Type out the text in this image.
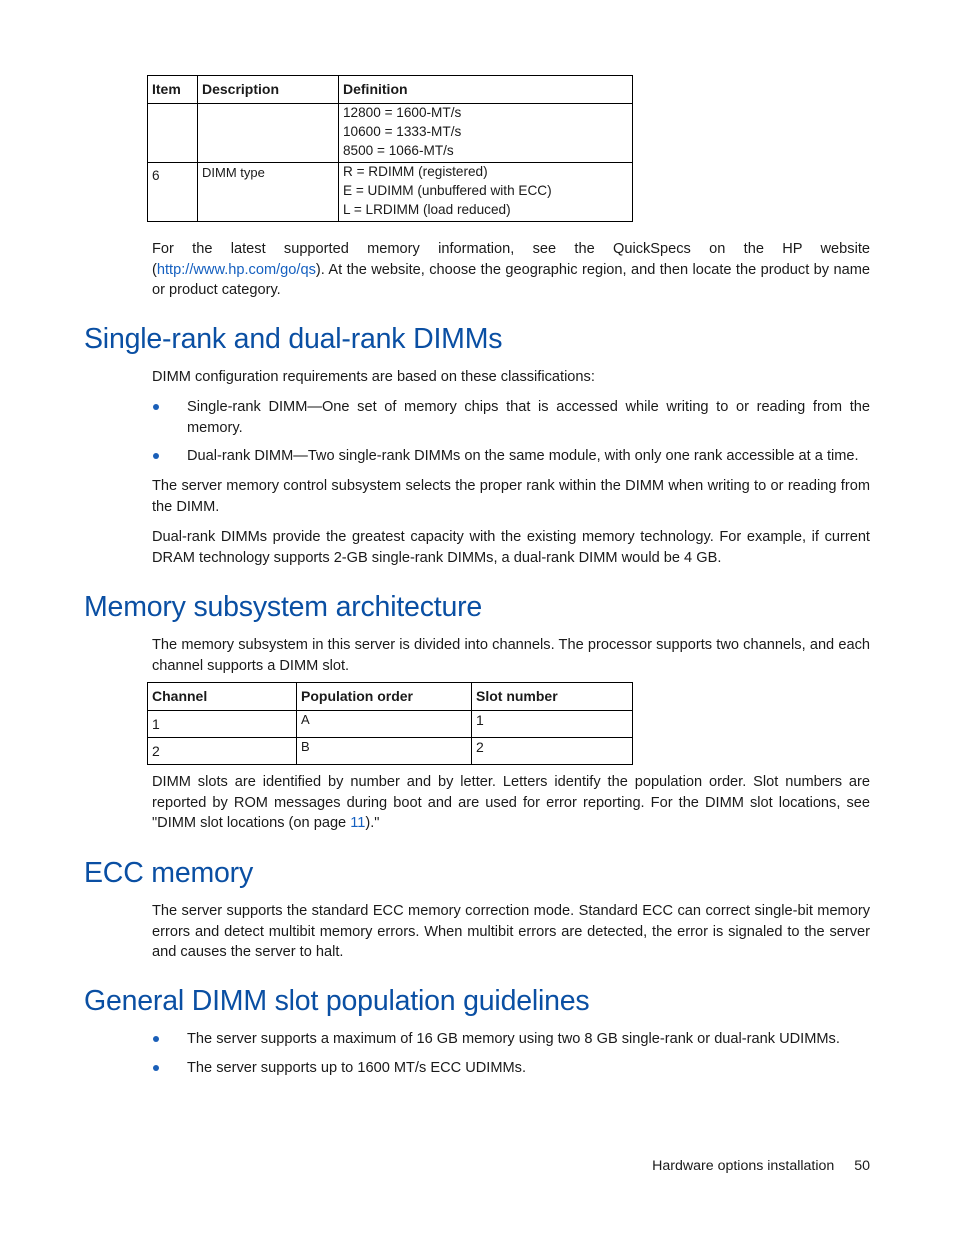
Item	Description	Definition

		12800 = 1600-MT/s
10600 = 1333-MT/s
8500 = 1066-MT/s

6	DIMM type	R = RDIMM (registered)
E = UDIMM (unbuffered with ECC)
L = LRDIMM (load reduced)

For the latest supported memory information, see the QuickSpecs on the HP website (http://www.hp.com/go/qs). At the website, choose the geographic region, and then locate the product by name or product category.

Single-rank and dual-rank DIMMs

DIMM configuration requirements are based on these classifications:

Single-rank DIMM—One set of memory chips that is accessed while writing to or reading from the memory.
Dual-rank DIMM—Two single-rank DIMMs on the same module, with only one rank accessible at a time.

The server memory control subsystem selects the proper rank within the DIMM when writing to or reading from the DIMM.

Dual-rank DIMMs provide the greatest capacity with the existing memory technology. For example, if current DRAM technology supports 2-GB single-rank DIMMs, a dual-rank DIMM would be 4 GB.

Memory subsystem architecture

The memory subsystem in this server is divided into channels. The processor supports two channels, and each channel supports a DIMM slot.

Channel	Population order	Slot number
1	A	1
2	B	2

DIMM slots are identified by number and by letter. Letters identify the population order. Slot numbers are reported by ROM messages during boot and are used for error reporting. For the DIMM slot locations, see "DIMM slot locations (on page 11)."

ECC memory

The server supports the standard ECC memory correction mode. Standard ECC can correct single-bit memory errors and detect multibit memory errors. When multibit errors are detected, the error is signaled to the server and causes the server to halt.

General DIMM slot population guidelines
The server supports a maximum of 16 GB memory using two 8 GB single-rank or dual-rank UDIMMs.
The server supports up to 1600 MT/s ECC UDIMMs.
Hardware options installation 50
